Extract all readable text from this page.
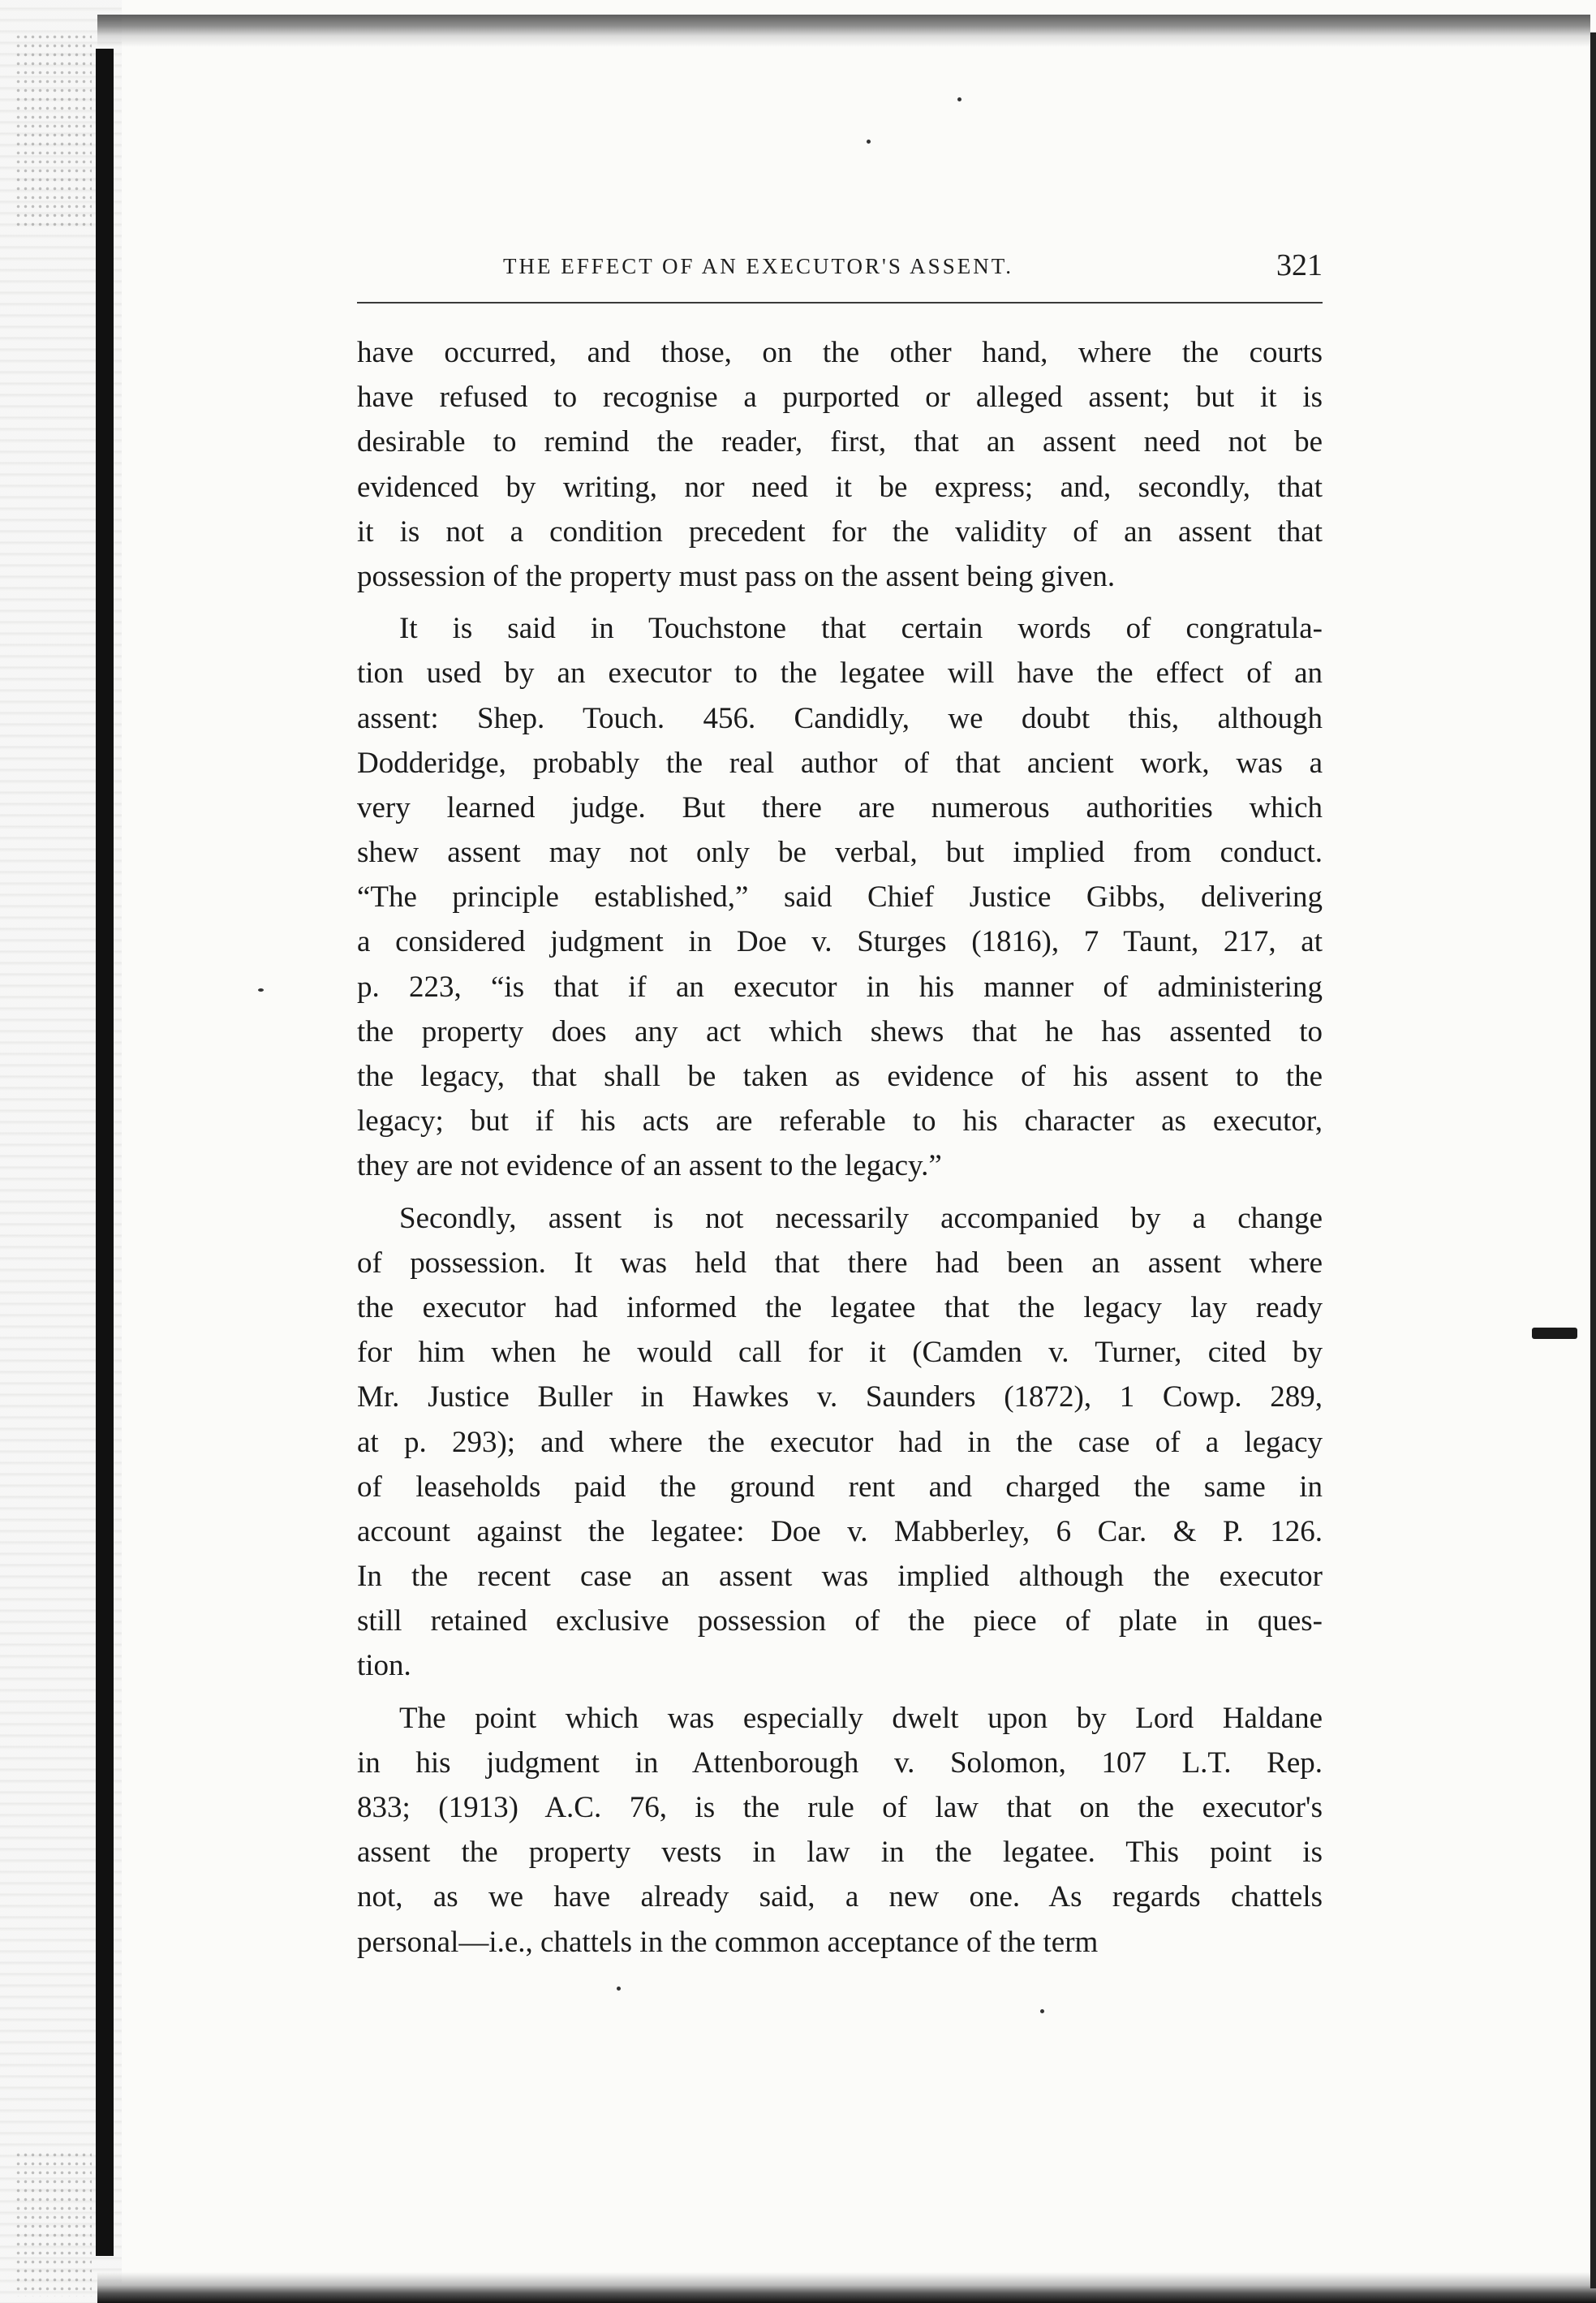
THE EFFECT OF AN EXECUTOR'S ASSENT.	321
have occurred, and those, on the other hand, where the courts
have refused to recognise a purported or alleged assent; but it is
desirable to remind the reader, first, that an assent need not be
evidenced by writing, nor need it be express; and, secondly, that
it is not a condition precedent for the validity of an assent that
possession of the property must pass on the assent being given.
It is said in Touchstone that certain words of congratula-
tion used by an executor to the legatee will have the effect of an
assent: Shep. Touch. 456. Candidly, we doubt this, although
Dodderidge, probably the real author of that ancient work, was a
very learned judge. But there are numerous authorities which
shew assent may not only be verbal, but implied from conduct.
“The principle established,” said Chief Justice Gibbs, delivering
a considered judgment in Doe v. Sturges (1816), 7 Taunt, 217, at
p. 223, “is that if an executor in his manner of administering
the property does any act which shews that he has assented to
the legacy, that shall be taken as evidence of his assent to the
legacy; but if his acts are referable to his character as executor,
they are not evidence of an assent to the legacy.”
Secondly, assent is not necessarily accompanied by a change
of possession. It was held that there had been an assent where
the executor had informed the legatee that the legacy lay ready
for him when he would call for it (Camden v. Turner, cited by
Mr. Justice Buller in Hawkes v. Saunders (1872), 1 Cowp. 289,
at p. 293); and where the executor had in the case of a legacy
of leaseholds paid the ground rent and charged the same in
account against the legatee: Doe v. Mabberley, 6 Car. & P. 126.
In the recent case an assent was implied although the executor
still retained exclusive possession of the piece of plate in ques-
tion.
The point which was especially dwelt upon by Lord Haldane
in his judgment in Attenborough v. Solomon, 107 L.T. Rep.
833; (1913) A.C. 76, is the rule of law that on the executor's
assent the property vests in law in the legatee. This point is
not, as we have already said, a new one. As regards chattels
personal—i.e., chattels in the common acceptance of the term
